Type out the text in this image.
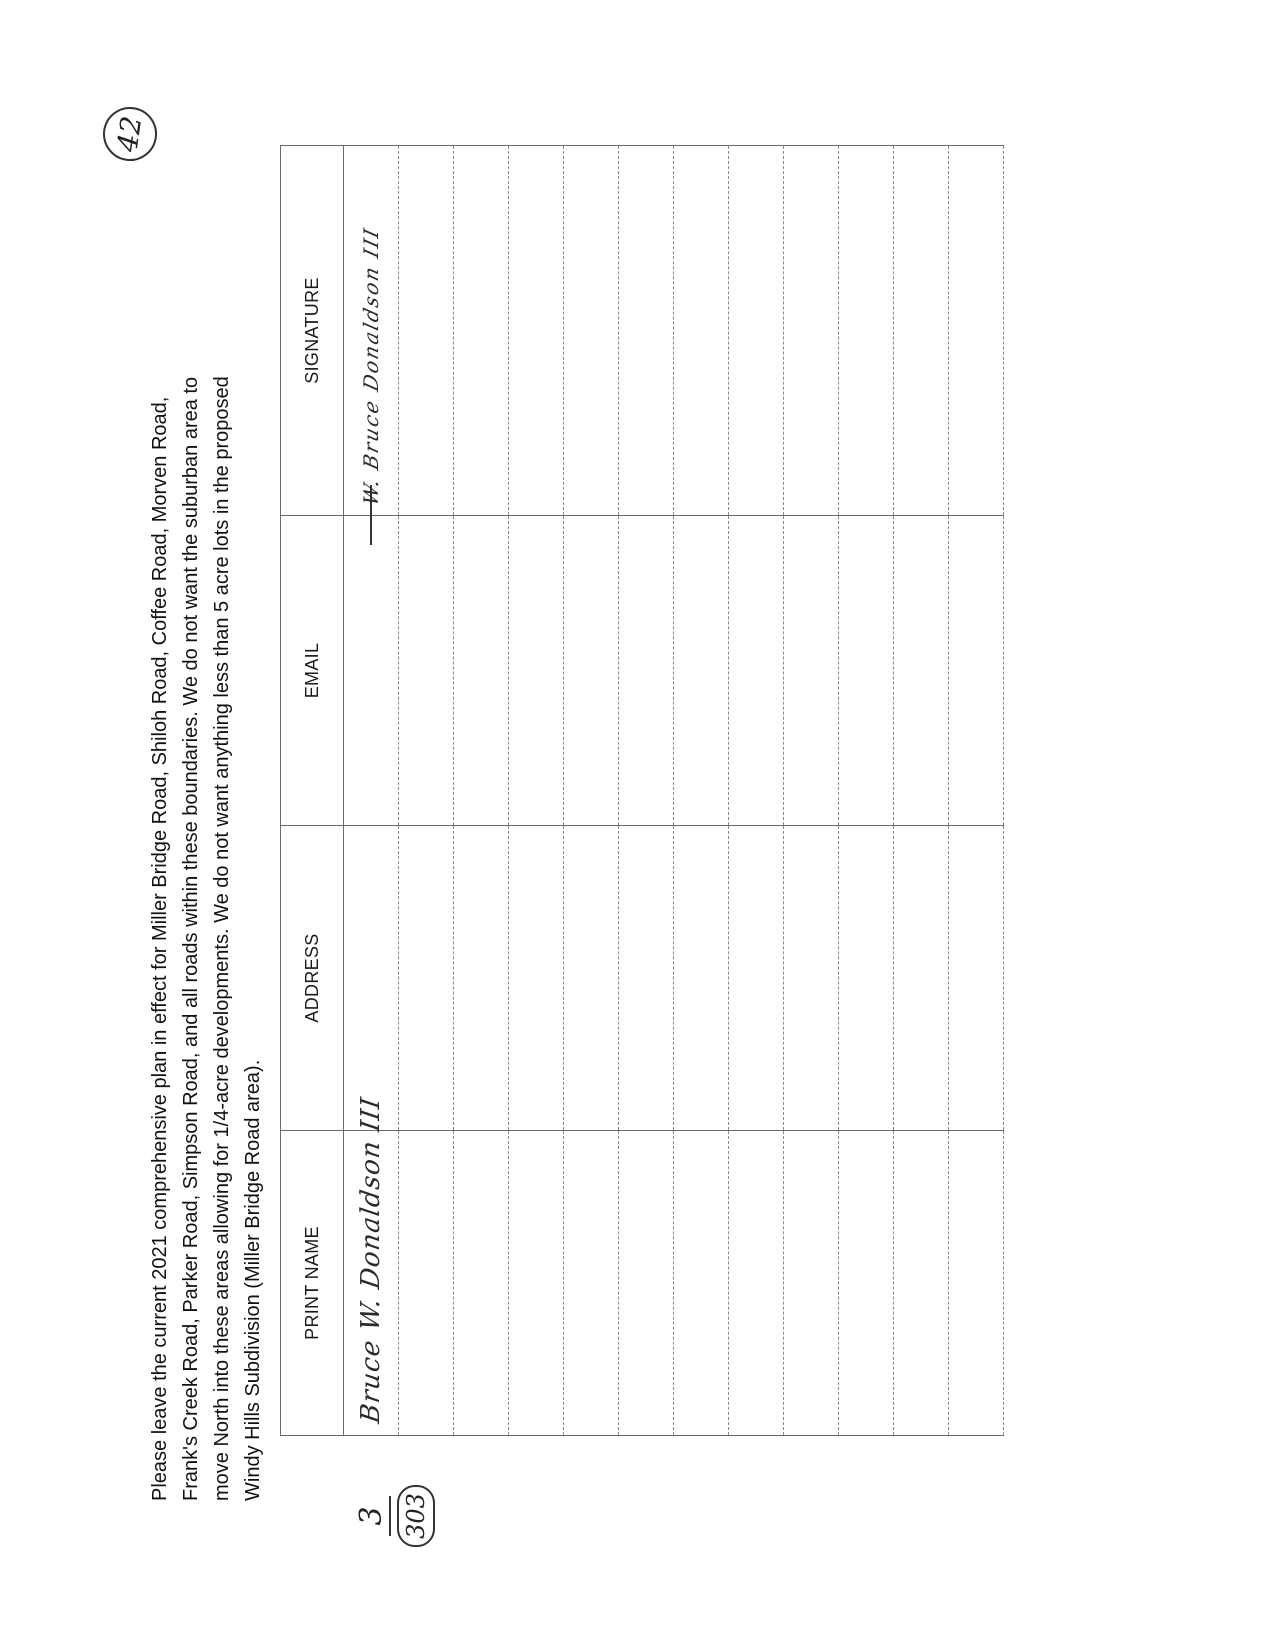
Please leave the current 2021 comprehensive plan in effect for Miller Bridge Road, Shiloh Road, Coffee Road, Morven Road, Frank's Creek Road, Parker Road, Simpson Road, and all roads within these boundaries. We do not want the suburban area to move North into these areas allowing for 1/4-acre developments. We do not want anything less than 5 acre lots in the proposed Windy Hills Subdivision (Miller Bridge Road area). PRINT NAME	ADDRESS	EMAIL	SIGNATURE
Bruce W. Donaldson III			W. Bruce Donaldson III

42
3 303
